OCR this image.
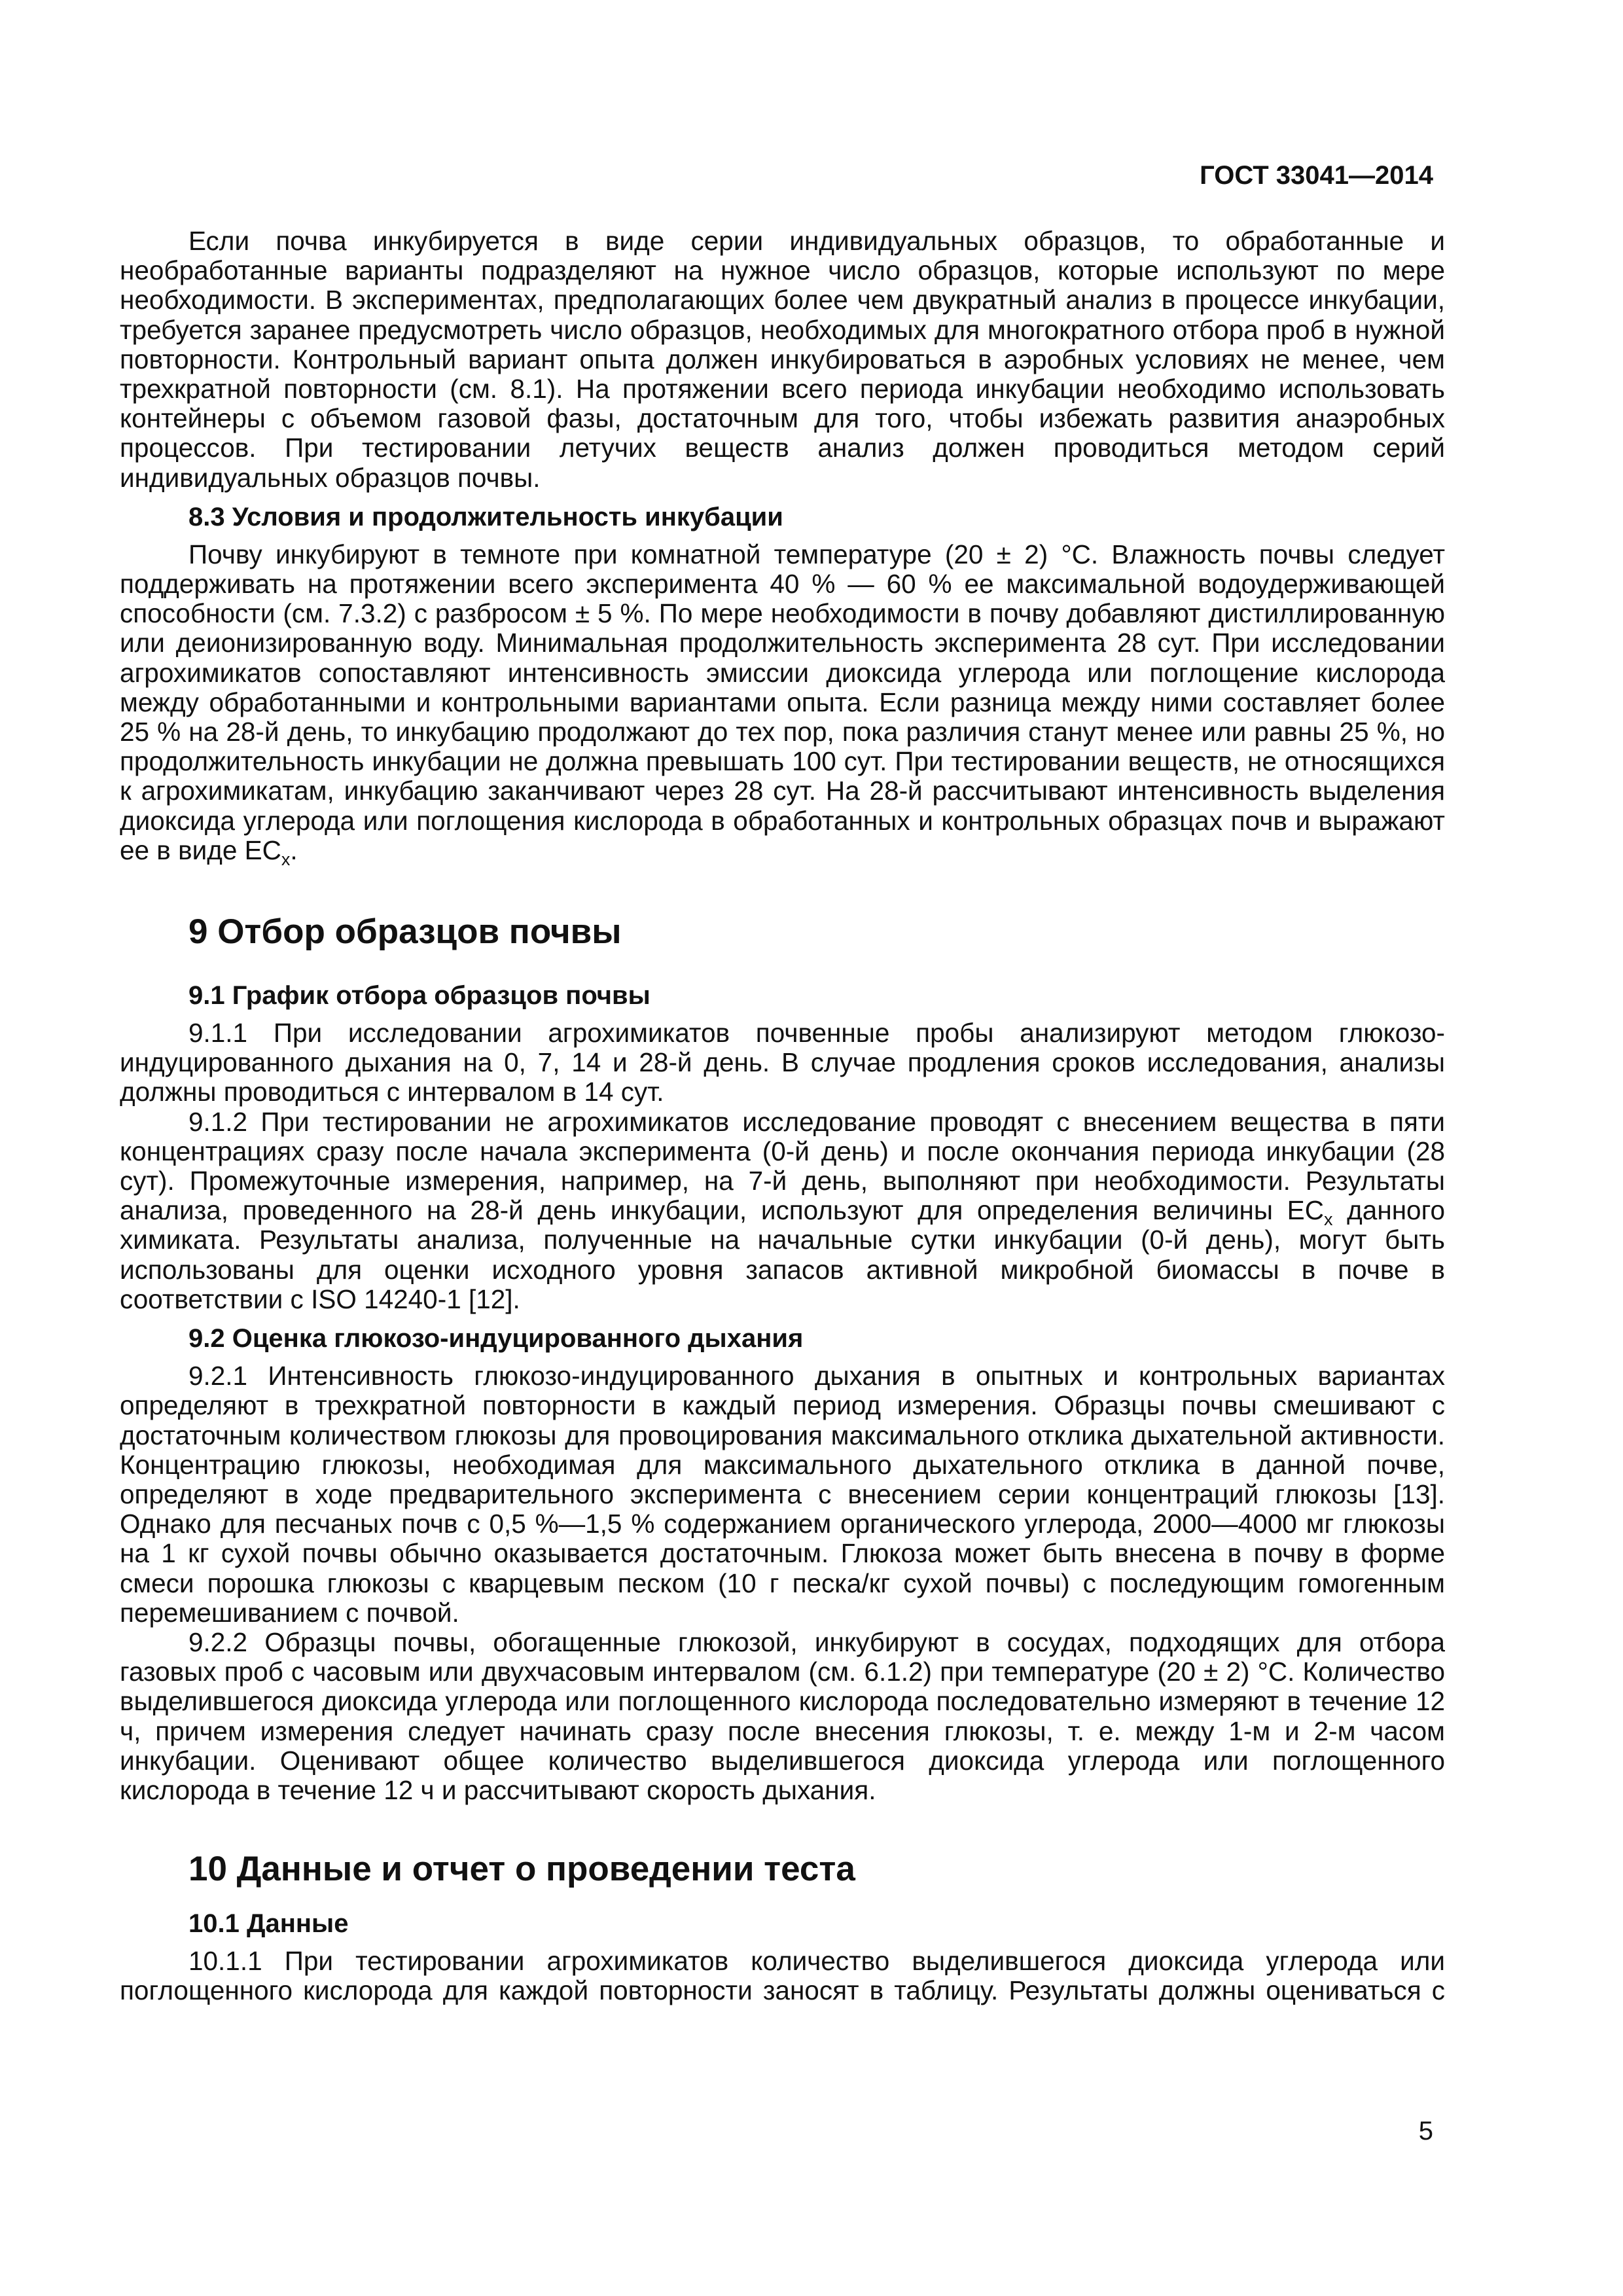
ГОСТ 33041—2014

Если почва инкубируется в виде серии индивидуальных образцов, то обработанные и необработанные варианты подразделяют на нужное число образцов, которые используют по мере необходимости. В экспериментах, предполагающих более чем двукратный анализ в процессе инкубации, требуется заранее предусмотреть число образцов, необходимых для многократного отбора проб в нужной повторности. Контрольный вариант опыта должен инкубироваться в аэробных условиях не менее, чем трехкратной повторности (см. 8.1). На протяжении всего периода инкубации необходимо использовать контейнеры с объемом газовой фазы, достаточным для того, чтобы избежать развития анаэробных процессов. При тестировании летучих веществ анализ должен проводиться методом серий индивидуальных образцов почвы.

8.3 Условия и продолжительность инкубации

Почву инкубируют в темноте при комнатной температуре (20 ± 2) °С. Влажность почвы следует поддерживать на протяжении всего эксперимента 40 % — 60 % ее максимальной водоудерживающей способности (см. 7.3.2) с разбросом ± 5 %. По мере необходимости в почву добавляют дистиллированную или деионизированную воду. Минимальная продолжительность эксперимента 28 сут. При исследовании агрохимикатов сопоставляют интенсивность эмиссии диоксида углерода или поглощение кислорода между обработанными и контрольными вариантами опыта. Если разница между ними составляет более 25 % на 28-й день, то инкубацию продолжают до тех пор, пока различия станут менее или равны 25 %, но продолжительность инкубации не должна превышать 100 сут. При тестировании веществ, не относящихся к агрохимикатам, инкубацию заканчивают через 28 сут. На 28-й рассчитывают интенсивность выделения диоксида углерода или поглощения кислорода в обработанных и контрольных образцах почв и выражают ее в виде $EC_x$.

9 Отбор образцов почвы
9.1 График отбора образцов почвы

9.1.1 При исследовании агрохимикатов почвенные пробы анализируют методом глюкозо-индуцированного дыхания на 0, 7, 14 и 28-й день. В случае продления сроков исследования, анализы должны проводиться с интервалом в 14 сут.

9.1.2 При тестировании не агрохимикатов исследование проводят с внесением вещества в пяти концентрациях сразу после начала эксперимента (0-й день) и после окончания периода инкубации (28 сут). Промежуточные измерения, например, на 7-й день, выполняют при необходимости. Результаты анализа, проведенного на 28-й день инкубации, используют для определения величины $EC_x$ данного химиката. Результаты анализа, полученные на начальные сутки инкубации (0-й день), могут быть использованы для оценки исходного уровня запасов активной микробной биомассы в почве в соответствии с ISO 14240-1 [12].

9.2 Оценка глюкозо-индуцированного дыхания

9.2.1 Интенсивность глюкозо-индуцированного дыхания в опытных и контрольных вариантах определяют в трехкратной повторности в каждый период измерения. Образцы почвы смешивают с достаточным количеством глюкозы для провоцирования максимального отклика дыхательной активности. Концентрацию глюкозы, необходимая для максимального дыхательного отклика в данной почве, определяют в ходе предварительного эксперимента с внесением серии концентраций глюкозы [13]. Однако для песчаных почв с 0,5 %—1,5 % содержанием органического углерода, 2000—4000 мг глюкозы на 1 кг сухой почвы обычно оказывается достаточным. Глюкоза может быть внесена в почву в форме смеси порошка глюкозы с кварцевым песком (10 г песка/кг сухой почвы) с последующим гомогенным перемешиванием с почвой.

9.2.2 Образцы почвы, обогащенные глюкозой, инкубируют в сосудах, подходящих для отбора газовых проб с часовым или двухчасовым интервалом (см. 6.1.2) при температуре (20 ± 2) °С. Количество выделившегося диоксида углерода или поглощенного кислорода последовательно измеряют в течение 12 ч, причем измерения следует начинать сразу после внесения глюкозы, т. е. между 1-м и 2-м часом инкубации. Оценивают общее количество выделившегося диоксида углерода или поглощенного кислорода в течение 12 ч и рассчитывают скорость дыхания.

10 Данные и отчет о проведении теста
10.1 Данные

10.1.1 При тестировании агрохимикатов количество выделившегося диоксида углерода или поглощенного кислорода для каждой повторности заносят в таблицу. Результаты должны оцениваться с

5
